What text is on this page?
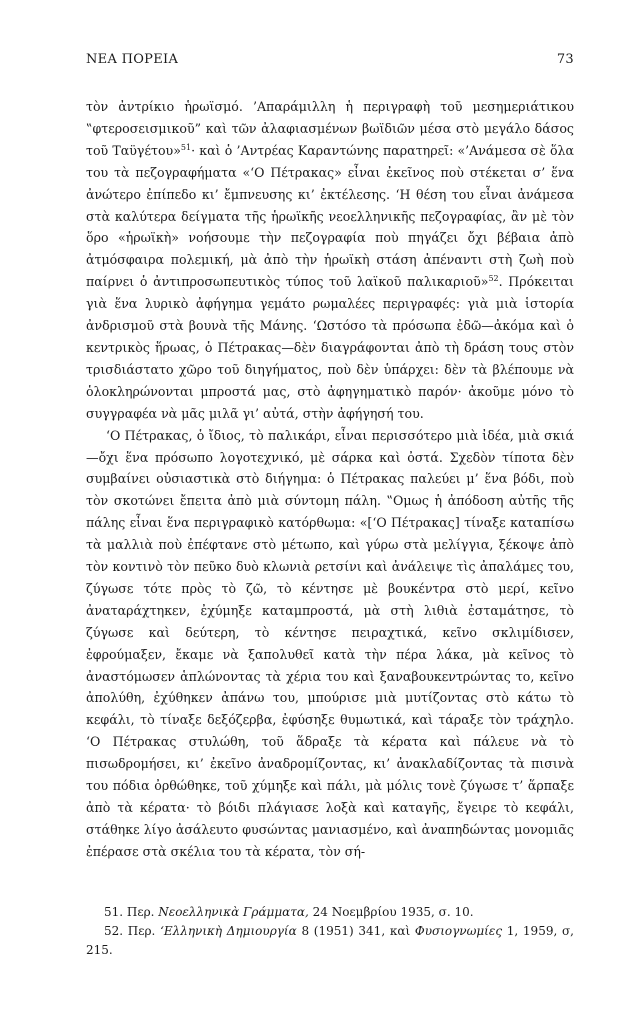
ΝΕΑ ΠΟΡΕΙΑ	73

τὸν ἀντρίκιο ἡρωϊσμό. ’Απαράμιλλη ἡ περιγραφὴ τοῦ μεσημεριάτικου ‟φτεροσεισμικοῦ” καὶ τῶν ἀλαφιασμένων βωϊδιῶν μέσα στὸ μεγάλο δάσος τοῦ Ταϋγέτου»$^{51}$· καὶ ὁ ’Αντρέας Καραντώνης παρατηρεῖ: «’Ανάμεσα σὲ ὅλα του τὰ πεζογραφήματα «‘Ο Πέτρακας» εἶναι ἐκεῖνος ποὺ στέκεται σ’ ἕνα ἀνώτερο ἐπίπεδο κι’ ἔμπνευσης κι’ ἐκτέλεσης. ‘Η θέση του εἶναι ἀνάμεσα στὰ καλύτερα δείγματα τῆς ἡρωϊκῆς νεοελληνικῆς πεζογραφίας, ἂν μὲ τὸν ὅρο «ἡρωϊκὴ» νοήσουμε τὴν πεζογραφία ποὺ πηγάζει ὄχι βέβαια ἀπὸ ἀτμόσφαιρα πολεμική, μὰ ἀπὸ τὴν ἡρωϊκὴ στάση ἀπέναντι στὴ ζωὴ ποὺ παίρνει ὁ ἀντιπροσωπευτικὸς τύπος τοῦ λαϊκοῦ παλικαριοῦ»$^{52}$. Πρόκειται γιὰ ἕνα λυρικὸ ἀφήγημα γεμάτο ρωμαλέες περιγραφές: γιὰ μιὰ ἱστορία ἀνδρισμοῦ στὰ βουνὰ τῆς Μάνης. ‘Ωστόσο τὰ πρόσωπα ἐδῶ—ἀκόμα καὶ ὁ κεντρικὸς ἥρωας, ὁ Πέτρακας—δὲν διαγράφονται ἀπὸ τὴ δράση τους στὸν τρισδιάστατο χῶρο τοῦ διηγήματος, ποὺ δὲν ὑπάρχει: δὲν τὰ βλέπουμε νὰ ὁλοκληρώνονται μπροστά μας, στὸ ἀφηγηματικὸ παρόν· ἀκοῦμε μόνο τὸ συγγραφέα νὰ μᾶς μιλᾶ γι’ αὐτά, στὴν ἀφήγησή του.

‘Ο Πέτρακας, ὁ ἴδιος, τὸ παλικάρι, εἶναι περισσότερο μιὰ ἰδέα, μιὰ σκιά—ὄχι ἕνα πρόσωπο λογοτεχνικό, μὲ σάρκα καὶ ὀστά. Σχεδὸν τίποτα δὲν συμβαίνει οὐσιαστικὰ στὸ διήγημα: ὁ Πέτρακας παλεύει μ’ ἕνα βόδι, ποὺ τὸν σκοτώνει ἔπειτα ἀπὸ μιὰ σύντομη πάλη. ‟Ομως ἡ ἀπόδοση αὐτῆς τῆς πάλης εἶναι ἕνα περιγραφικὸ κατόρθωμα: «[‘Ο Πέτρακας] τίναξε καταπίσω τὰ μαλλιὰ ποὺ ἐπέφτανε στὸ μέτωπο, καὶ γύρω στὰ μελίγγια, ξέκοψε ἀπὸ τὸν κοντινὸ τὸν πεῦκο δυὸ κλωνιὰ ρετσίνι καὶ ἀνάλειψε τὶς ἀπαλάμες του, ζύγωσε τότε πρὸς τὸ ζῶ, τὸ κέντησε μὲ βουκέντρα στὸ μερί, κεῖνο ἀναταράχτηκεν, ἐχύμηξε καταμπροστά, μὰ στὴ λιθιὰ ἐσταμάτησε, τὸ ζύγωσε καὶ δεύτερη, τὸ κέντησε πειραχτικά, κεῖνο σκλιμίδισεν, ἐφρούμαξεν, ἔκαμε νὰ ξαπολυθεῖ κατὰ τὴν πέρα λάκα, μὰ κεῖνος τὸ ἀναστόμωσεν ἁπλώνοντας τὰ χέρια του καὶ ξαναβουκεντρώντας το, κεῖνο ἀπολύθη, ἐχύθηκεν ἀπάνω του, μπούρισε μιὰ μυτίζοντας στὸ κάτω τὸ κεφάλι, τὸ τίναξε δεξόζερβα, ἐφύσηξε θυμωτικά, καὶ τάραξε τὸν τράχηλο. ‘Ο Πέτρακας στυλώθη, τοῦ ἅδραξε τὰ κέρατα καὶ πάλευε νὰ τὸ πισωδρομήσει, κι’ ἐκεῖνο ἀναδρομίζοντας, κι’ ἀνακλαδίζοντας τὰ πισινὰ του πόδια ὀρθώθηκε, τοῦ χύμηξε καὶ πάλι, μὰ μόλις τονὲ ζύγωσε τ’ ἅρπαξε ἀπὸ τὰ κέρατα· τὸ βόιδι πλάγιασε λοξὰ καὶ καταγῆς, ἔγειρε τὸ κεφάλι, στάθηκε λίγο ἀσάλευτο φυσώντας μανιασμένο, καὶ ἀναπηδώντας μονομιᾶς ἐπέρασε στὰ σκέλια του τὰ κέρατα, τὸν σή-

51. Περ. Νεοελληνικὰ Γράμματα, 24 Νοεμβρίου 1935, σ. 10.

52. Περ. ‘Ελληνικὴ Δημιουργία 8 (1951) 341, καὶ Φυσιογνωμίες 1, 1959, σ, 215.
